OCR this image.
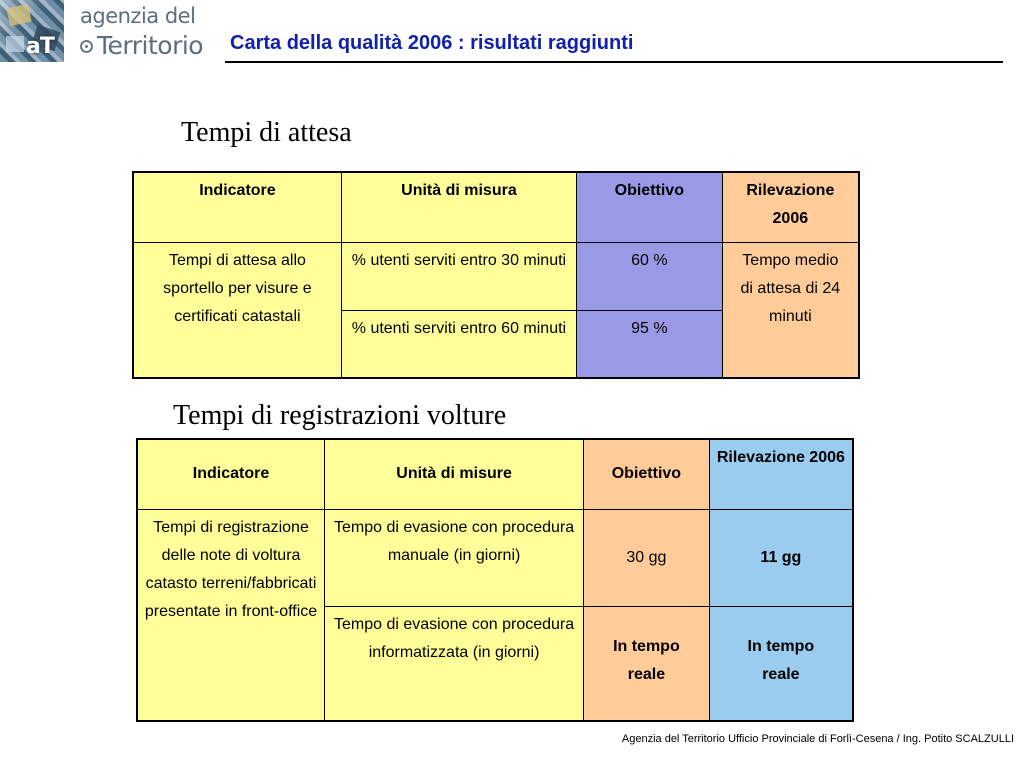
aT
agenzia del
Territorio Carta della qualità 2006 : risultati raggiunti
Tempi di attesa
Indicatore	Unità di misura	Obiettivo	Rilevazione 2006
Tempi di attesa allo sportello per visure e certificati catastali	% utenti serviti entro 30 minuti	60 %	Tempo medio di attesa di 24 minuti
	% utenti serviti entro 60 minuti	95 %	
Tempi di registrazioni volture
Indicatore	Unità di misure	Obiettivo	Rilevazione 2006
Tempi di registrazione delle note di voltura catasto terreni/fabbricati presentate in front-office	Tempo di evasione con procedura manuale (in giorni)	30 gg	11 gg
	Tempo di evasione con procedura informatizzata (in giorni)	In tempo reale	In tempo reale
Agenzia del Territorio Ufficio Provinciale di Forlì-Cesena / Ing. Potito SCALZULLI
